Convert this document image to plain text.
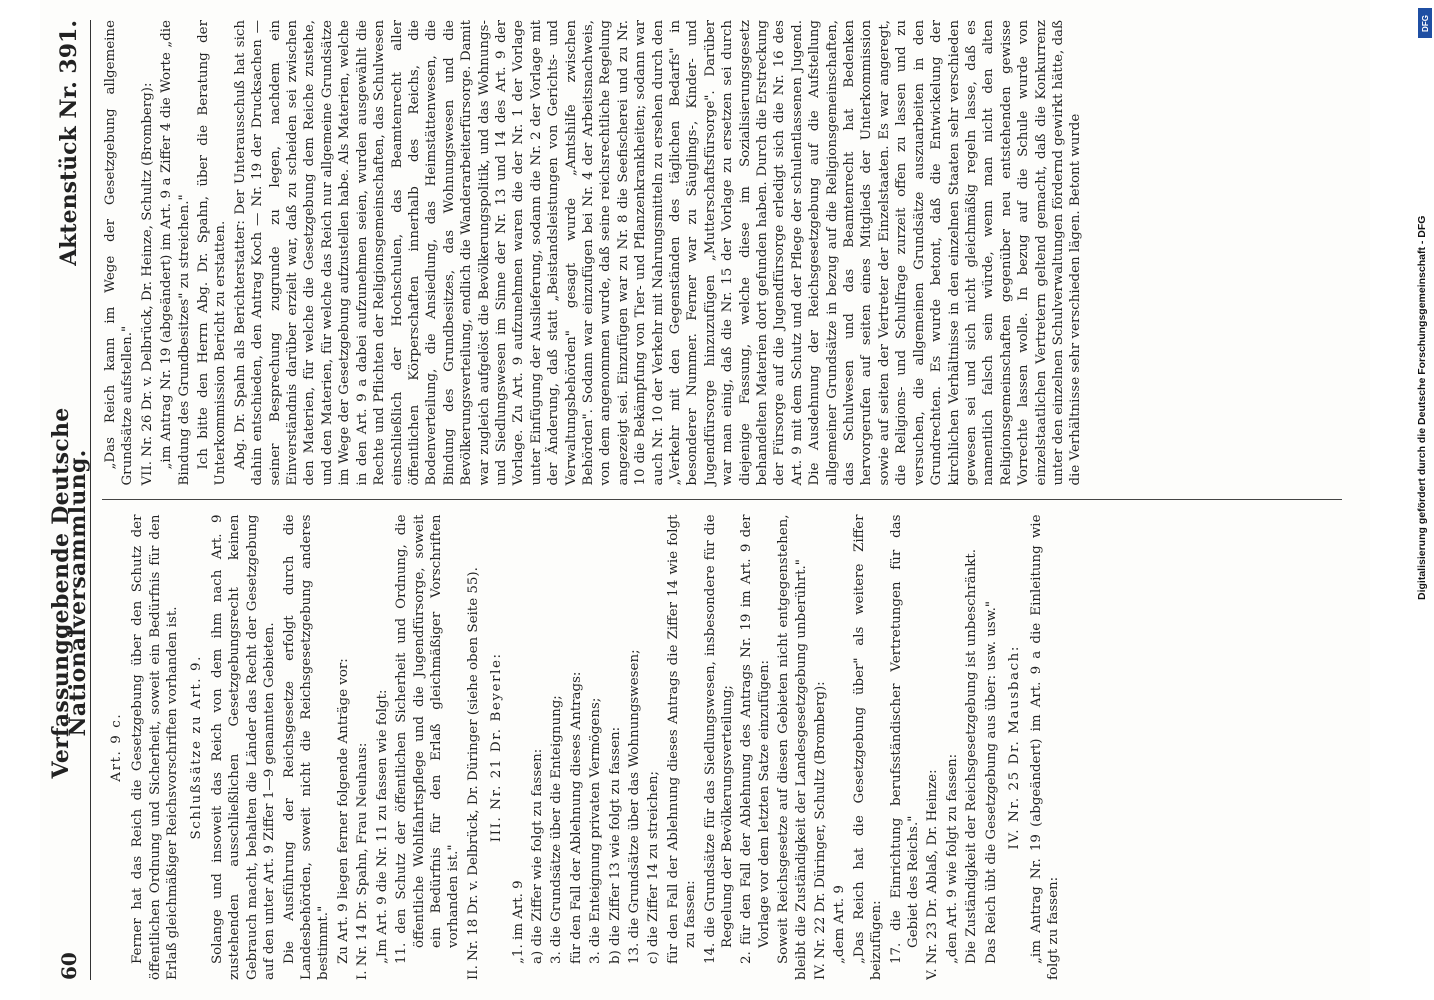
60
Verfassunggebende Deutsche Nationalversammlung.
Aktenstück Nr. 391.

Art. 9 c. Ferner hat das Reich die Gesetzgebung über den Schutz der öffentlichen Ordnung und Sicherheit, soweit ein Bedürfnis für den Erlaß gleichmäßiger Reichsvorschriften vorhanden ist. Schlußsätze zu Art. 9. Solange und insoweit das Reich von dem ihm nach Art. 9 zustehenden ausschließlichen Gesetzgebungsrecht keinen Gebrauch macht, behalten die Länder das Recht der Gesetzgebung auf den unter Art. 9 Ziffer 1—9 genannten Gebieten. Die Ausführung der Reichsgesetze erfolgt durch die Landesbehörden, soweit nicht die Reichsgesetzgebung anderes bestimmt." Zu Art. 9 liegen ferner folgende Anträge vor: I. Nr. 14 Dr. Spahn, Frau Neuhaus: „Im Art. 9 die Nr. 11 zu fassen wie folgt: 11. den Schutz der öffentlichen Sicherheit und Ordnung, die öffentliche Wohlfahrtspflege und die Jugendfürsorge, soweit ein Bedürfnis für den Erlaß gleichmäßiger Vorschriften vorhanden ist." II. Nr. 18 Dr. v. Delbrück, Dr. Düringer (siehe oben Seite 55). III. Nr. 21 Dr. Beyerle:

„1. im Art. 9 a) die Ziffer wie folgt zu fassen: 3. die Grundsätze über die Enteignung; für den Fall der Ablehnung dieses Antrags: 3. die Enteignung privaten Vermögens; b) die Ziffer 13 wie folgt zu fassen: 13. die Grundsätze über das Wohnungswesen; c) die Ziffer 14 zu streichen; für den Fall der Ablehnung dieses Antrags die Ziffer 14 wie folgt zu fassen: 14. die Grundsätze für das Siedlungswesen, insbesondere für die Regelung der Bevölkerungsverteilung; 2. für den Fall der Ablehnung des Antrags Nr. 19 im Art. 9 der Vorlage vor dem letzten Satze einzufügen: Soweit Reichsgesetze auf diesen Gebieten nicht entgegenstehen, bleibt die Zuständigkeit der Landesgesetzgebung unberührt." IV. Nr. 22 Dr. Düringer, Schultz (Bromberg): „dem Art. 9 „Das Reich hat die Gesetzgebung über" als weitere Ziffer beizufügen: 17. die Einrichtung berufsständischer Vertretungen für das Gebiet des Reichs." V. Nr. 23 Dr. Ablaß, Dr. Heinze: „den Art. 9 wie folgt zu fassen: Die Zuständigkeit der Reichsgesetzgebung ist unbeschränkt. Das Reich übt die Gesetzgebung aus über: usw. usw." IV. Nr. 25 Dr. Mausbach: „im Antrag Nr. 19 (abgeändert) im Art. 9 a die Einleitung wie folgt zu fassen:

„Das Reich kann im Wege der Gesetzgebung allgemeine Grundsätze aufstellen." VII. Nr. 26 Dr. v. Delbrück, Dr. Heinze, Schultz (Bromberg): „im Antrag Nr. 19 (abgeändert) im Art. 9 a Ziffer 4 die Worte „die Bindung des Grundbesitzes" zu streichen." Ich bitte den Herrn Abg. Dr. Spahn, über die Beratung der Unterkommission Bericht zu erstatten. Abg. Dr. Spahn als Berichterstatter: Der Unterausschuß hat sich dahin entschieden, den Antrag Koch — Nr. 19 der Drucksachen — seiner Besprechung zugrunde zu legen, nachdem ein Einverständnis darüber erzielt war, daß zu scheiden sei zwischen den Materien, für welche die Gesetzgebung dem Reiche zustehe, und den Materien, für welche das Reich nur allgemeine Grundsätze im Wege der Gesetzgebung aufzustellen habe. Als Materien, welche in den Art. 9 a dabei aufzunehmen seien, wurden ausgewählt die Rechte und Pflichten der Religionsgemeinschaften, das Schulwesen einschließlich der Hochschulen, das Beamtenrecht aller öffentlichen Körperschaften innerhalb des Reichs, die Bodenverteilung, die Ansiedlung, das Heimstättenwesen, die Bindung des Grundbesitzes, das Wohnungswesen und die Bevölkerungsverteilung, endlich die Wanderarbeiterfürsorge. Damit war zugleich aufgelöst die Bevölkerungspolitik, und das Wohnungs- und Siedlungswesen im Sinne der Nr. 13 und 14 des Art. 9 der Vorlage. Zu Art. 9 aufzunehmen waren die der Nr. 1 der Vorlage unter Einfügung der Auslieferung, sodann die Nr. 2 der Vorlage mit der Änderung, daß statt „Beistandsleistungen von Gerichts- und Verwaltungsbehörden" gesagt wurde „Amtshilfe zwischen Behörden". Sodann war einzufügen bei Nr. 4 der Arbeitsnachweis, von dem angenommen wurde, daß seine reichsrechtliche Regelung angezeigt sei. Einzufügen war zu Nr. 8 die Seefischerei und zu Nr. 10 die Bekämpfung von Tier- und Pflanzenkrankheiten; sodann war auch Nr. 10 der Verkehr mit Nahrungsmitteln zu ersehen durch den „Verkehr mit den Gegenständen des täglichen Bedarfs" in besonderer Nummer. Ferner war zu Säuglings-, Kinder- und Jugendfürsorge hinzuzufügen „Mutterschaftsfürsorge". Darüber war man einig, daß die Nr. 15 der Vorlage zu ersetzen sei durch diejenige Fassung, welche diese im Sozialisierungsgesetz behandelten Materien dort gefunden haben. Durch die Erstreckung der Fürsorge auf die Jugendfürsorge erledigt sich die Nr. 16 des Art. 9 mit dem Schutz und der Pflege der schulentlassenen Jugend. Die Ausdehnung der Reichsgesetzgebung auf die Aufstellung allgemeiner Grundsätze in bezug auf die Religionsgemeinschaften, das Schulwesen und das Beamtenrecht hat Bedenken hervorgerufen auf seiten eines Mitglieds der Unterkommission sowie auf seiten der Vertreter der Einzelstaaten. Es war angeregt, die Religions- und Schulfrage zurzeit offen zu lassen und zu versuchen, die allgemeinen Grundsätze auszuarbeiten in den Grundrechten. Es wurde betont, daß die Entwickelung der kirchlichen Verhältnisse in den einzelnen Staaten sehr verschieden gewesen sei und sich nicht gleichmäßig regeln lasse, daß es namentlich falsch sein würde, wenn man nicht den alten Religionsgemeinschaften gegenüber neu entstehenden gewisse Vorrechte lassen wolle. In bezug auf die Schule wurde von einzelstaatlichen Vertretern geltend gemacht, daß die Konkurrenz unter den einzelnen Schulverwaltungen fördernd gewirkt hätte, daß die Verhältnisse sehr verschieden lägen. Betont wurde	Digitalisierung gefördert durch die Deutsche Forschungsgemeinschaft - DFG
DFG
